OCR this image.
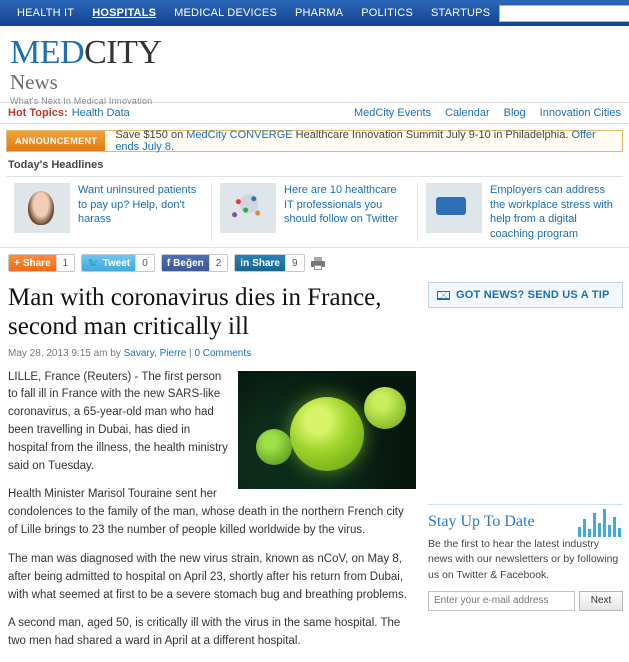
HEALTH IT	HOSPITALS	MEDICAL DEVICES	PHARMA	POLITICS	STARTUPS
MEDCITY
News
What's Next In Medical Innovation
Hot Topics: Health Data	MedCity Events Calendar Blog Innovation Cities
ANNOUNCEMENT	Save $150 on MedCity CONVERGE Healthcare Innovation Summit July 9-10 in Philadelphia. Offer ends July 8.
Today's Headlines
Want uninsured patients to pay up? Help, don't harass
Here are 10 healthcare IT professionals you should follow on Twitter
Employers can address the workplace stress with help from a digital coaching program
+ Share	1	🐦 Tweet	0	f Beğen	2	in Share	9
Man with coronavirus dies in France, second man critically ill
May 28, 2013 9:15 am by Savary, Pierre | 0 Comments

LILLE, France (Reuters) - The first person to fall ill in France with the new SARS-like coronavirus, a 65-year-old man who had been travelling in Dubai, has died in hospital from the illness, the health ministry said on Tuesday.

Health Minister Marisol Touraine sent her condolences to the family of the man, whose death in the northern French city of Lille brings to 23 the number of people killed worldwide by the virus.

The man was diagnosed with the new virus strain, known as nCoV, on May 8, after being admitted to hospital on April 23, shortly after his return from Dubai, with what seemed at first to be a severe stomach bug and breathing problems.

A second man, aged 50, is critically ill with the virus in the same hospital. The two men had shared a ward in April at a different hospital.

GOT NEWS? SEND US A TIP
Stay Up To Date

Be the first to hear the latest industry news with our newsletters or by following us on Twitter & Facebook.

Enter your e-mail address
Next
